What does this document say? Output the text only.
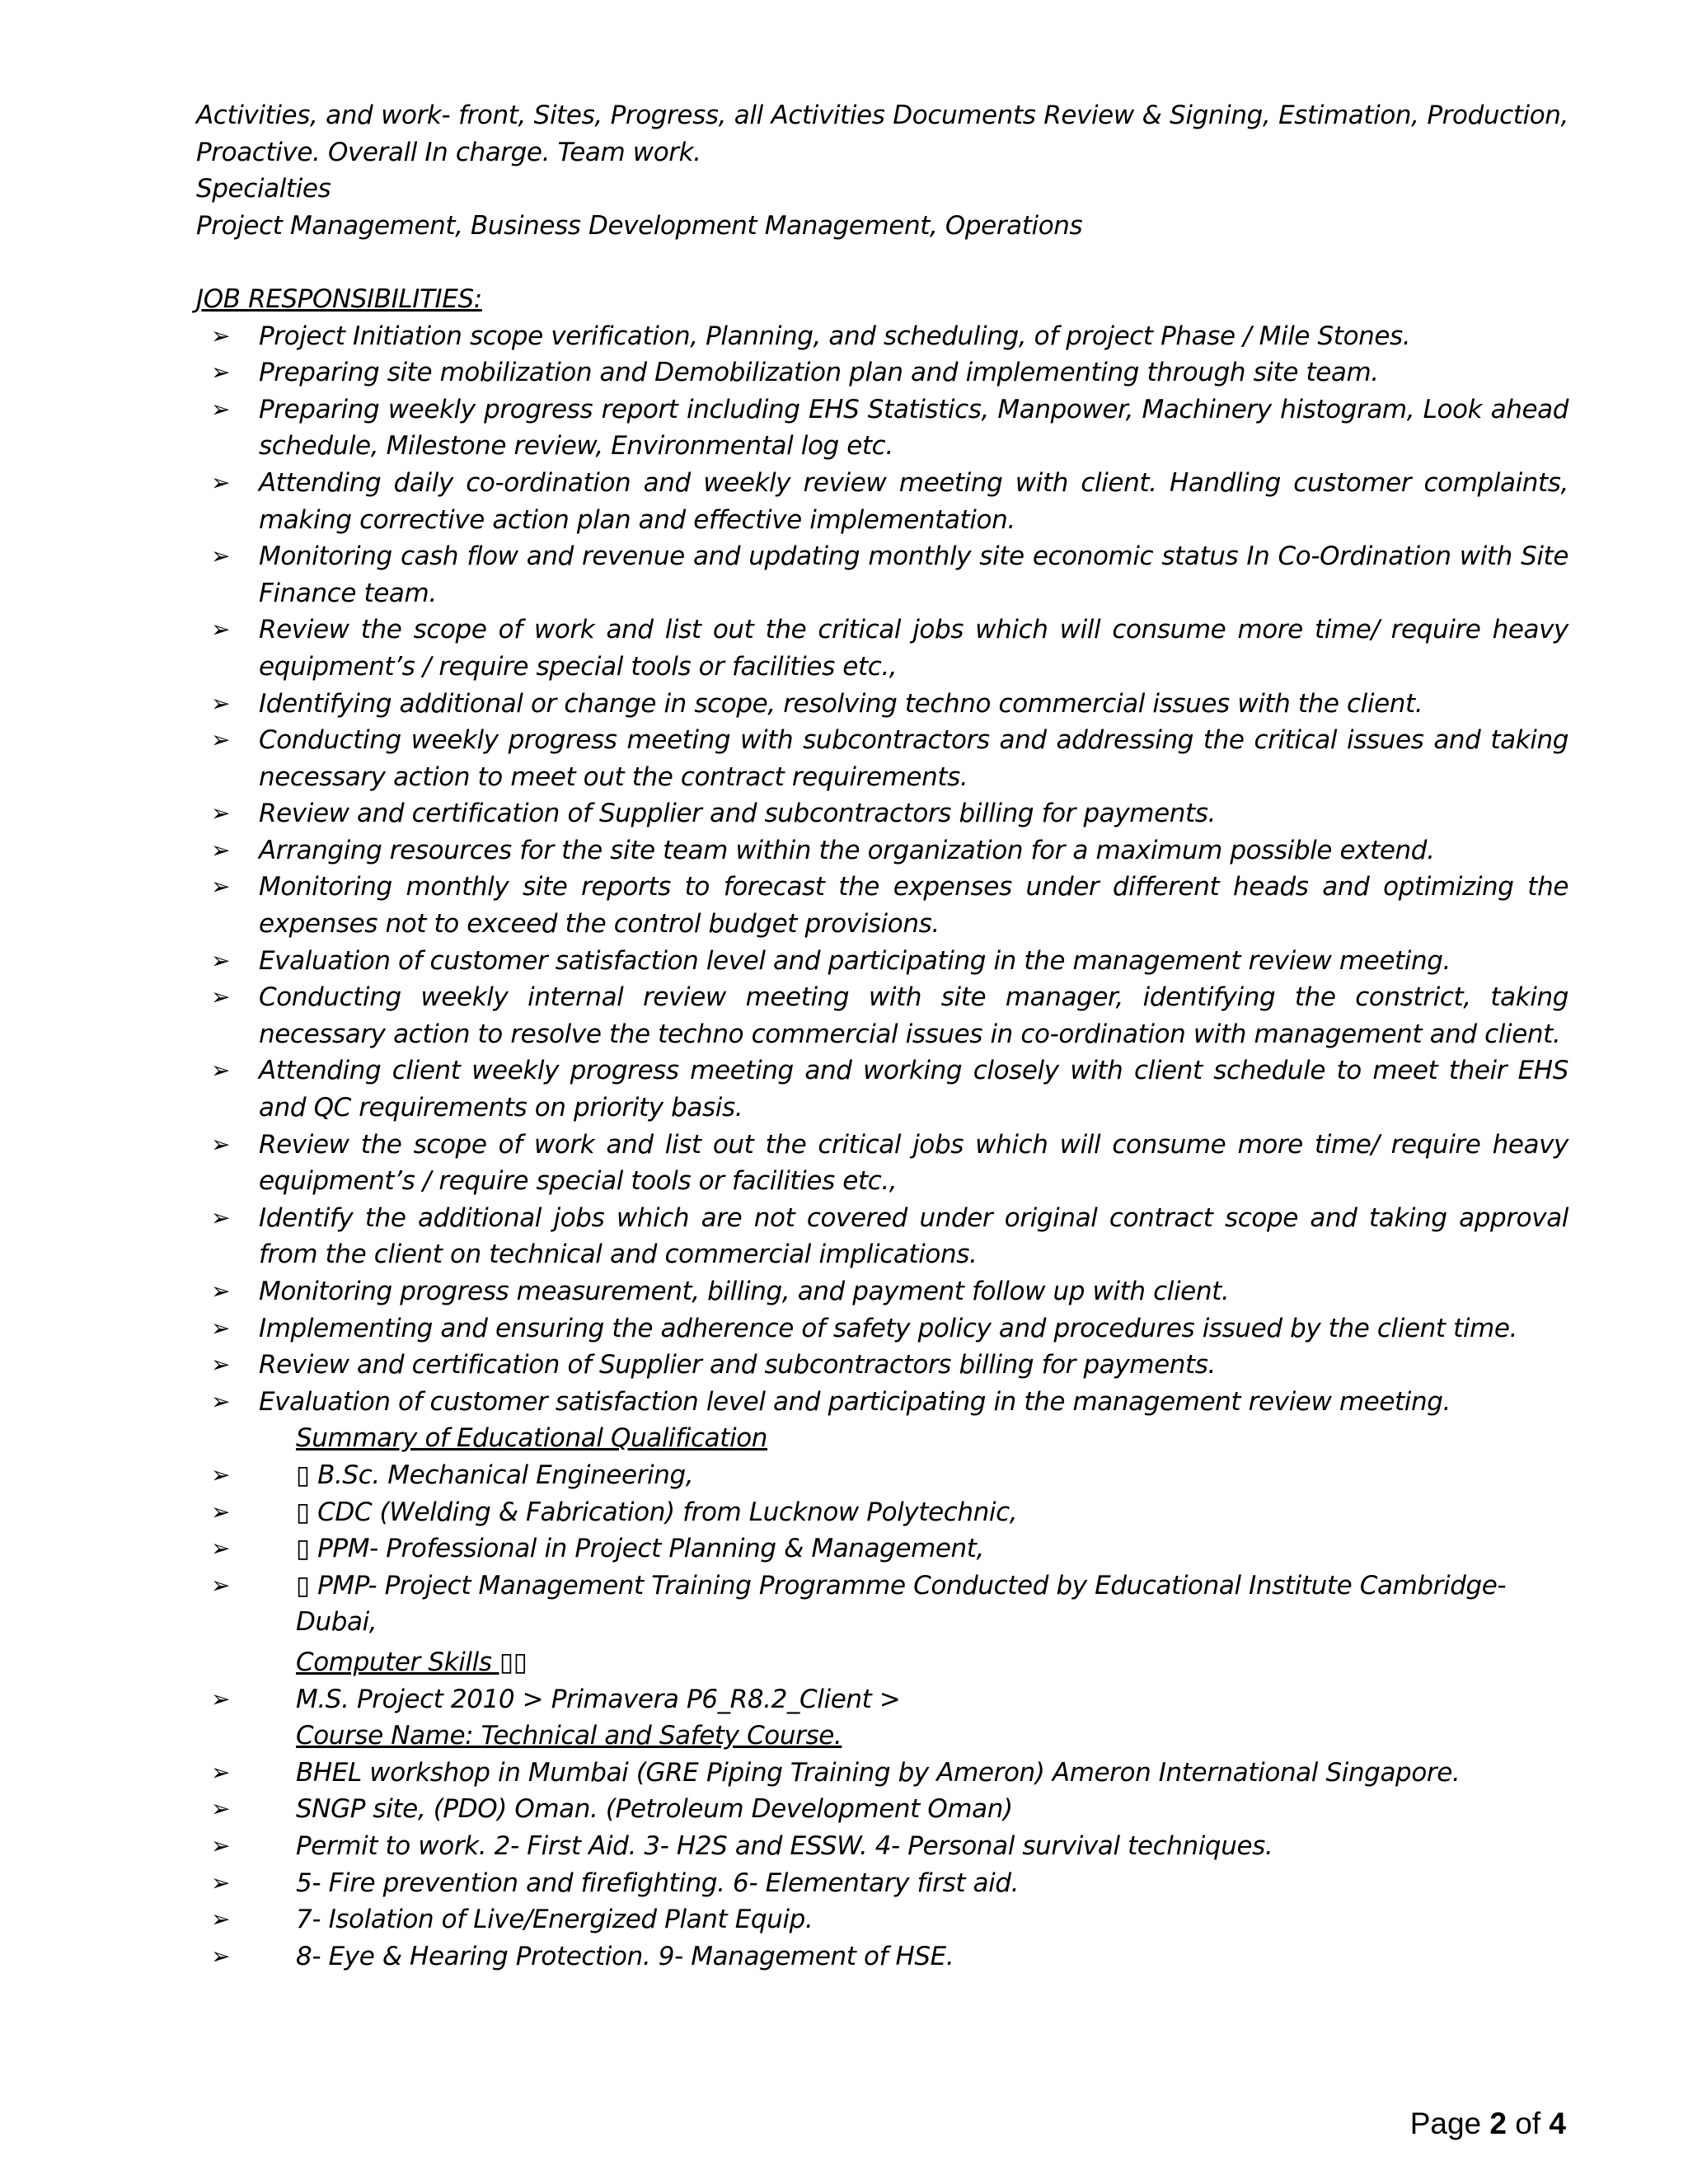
Activities, and work- front, Sites, Progress, all Activities Documents Review & Signing, Estimation, Production, Proactive. Overall In charge. Team work.

Specialties

Project Management, Business Development Management, Operations

JOB RESPONSIBILITIES:

➢ Project Initiation scope verification, Planning, and scheduling, of project Phase / Mile Stones.
➢ Preparing site mobilization and Demobilization plan and implementing through site team.
➢ Preparing weekly progress report including EHS Statistics, Manpower, Machinery histogram, Look ahead schedule, Milestone review, Environmental log etc.
➢ Attending daily co-ordination and weekly review meeting with client. Handling customer complaints, making corrective action plan and effective implementation.
➢ Monitoring cash flow and revenue and updating monthly site economic status In Co-Ordination with Site Finance team.
➢ Review the scope of work and list out the critical jobs which will consume more time/ require heavy equipment’s / require special tools or facilities etc.,
➢ Identifying additional or change in scope, resolving techno commercial issues with the client.
➢ Conducting weekly progress meeting with subcontractors and addressing the critical issues and taking necessary action to meet out the contract requirements.
➢ Review and certification of Supplier and subcontractors billing for payments.
➢ Arranging resources for the site team within the organization for a maximum possible extend.
➢ Monitoring monthly site reports to forecast the expenses under different heads and optimizing the expenses not to exceed the control budget provisions.
➢ Evaluation of customer satisfaction level and participating in the management review meeting.
➢ Conducting weekly internal review meeting with site manager, identifying the constrict, taking necessary action to resolve the techno commercial issues in co-ordination with management and client.
➢ Attending client weekly progress meeting and working closely with client schedule to meet their EHS and QC requirements on priority basis.
➢ Review the scope of work and list out the critical jobs which will consume more time/ require heavy equipment’s / require special tools or facilities etc.,
➢ Identify the additional jobs which are not covered under original contract scope and taking approval from the client on technical and commercial implications.
➢ Monitoring progress measurement, billing, and payment follow up with client.
➢ Implementing and ensuring the adherence of safety policy and procedures issued by the client time.
➢ Review and certification of Supplier and subcontractors billing for payments.
➢ Evaluation of customer satisfaction level and participating in the management review meeting.
Summary of Educational Qualification
➢	▯ B.Sc. Mechanical Engineering,
➢	▯ CDC (Welding & Fabrication) from Lucknow Polytechnic,
➢	▯ PPM- Professional in Project Planning & Management,
➢	▯ PMP- Project Management Training Programme Conducted by Educational Institute Cambridge-Dubai,

Computer Skills ▯▯

➢	M.S. Project 2010 > Primavera P6_R8.2_Client >

Course Name: Technical and Safety Course.

➢	BHEL workshop in Mumbai (GRE Piping Training by Ameron) Ameron International Singapore.
➢	SNGP site, (PDO) Oman. (Petroleum Development Oman)
➢	Permit to work. 2- First Aid. 3- H2S and ESSW. 4- Personal survival techniques.
➢	5- Fire prevention and firefighting. 6- Elementary first aid.
➢	7- Isolation of Live/Energized Plant Equip.
➢	8- Eye & Hearing Protection. 9- Management of HSE.
Page 2 of 4
